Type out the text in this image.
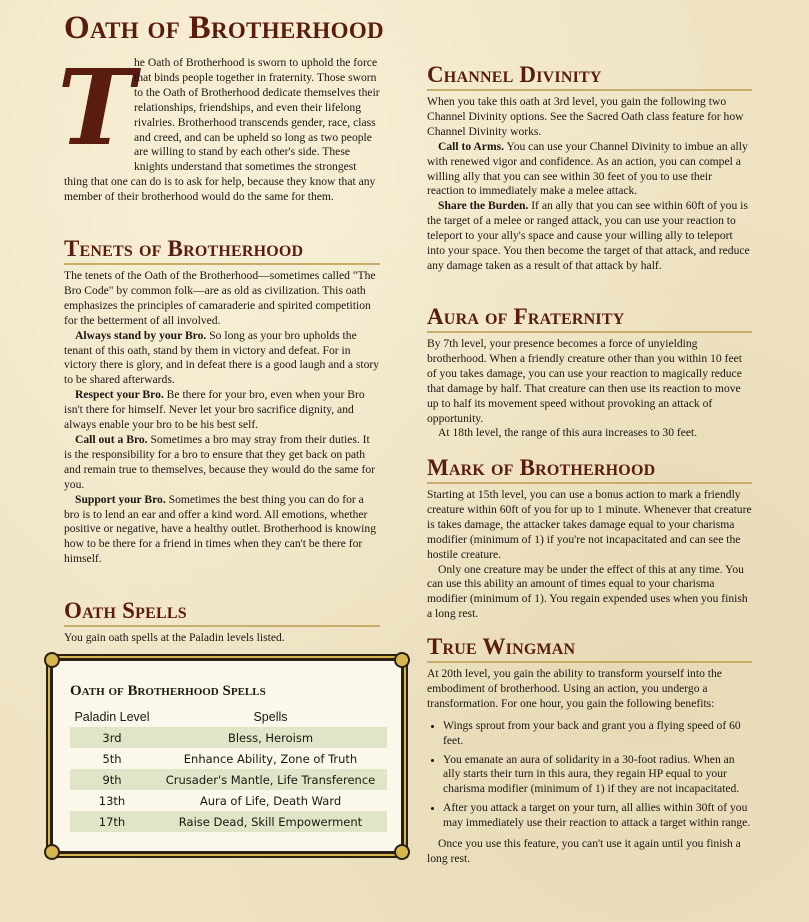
Oath of Brotherhood
T he Oath of Brotherhood is sworn to uphold the force that binds people together in fraternity. Those sworn to the Oath of Brotherhood dedicate themselves their relationships, friendships, and even their lifelong rivalries. Brotherhood transcends gender, race, class and creed, and can be upheld so long as two people are willing to stand by each other's side. These knights understand that sometimes the strongest thing that one can do is to ask for help, because they know that any member of their brotherhood would do the same for them.

Tenets of Brotherhood

The tenets of the Oath of the Brotherhood—sometimes called "The Bro Code" by common folk—are as old as civilization. This oath emphasizes the principles of camaraderie and spirited competition for the betterment of all involved.

Always stand by your Bro. So long as your bro upholds the tenant of this oath, stand by them in victory and defeat. For in victory there is glory, and in defeat there is a good laugh and a story to be shared afterwards.

Respect your Bro. Be there for your bro, even when your Bro isn't there for himself. Never let your bro sacrifice dignity, and always enable your bro to be his best self.

Call out a Bro. Sometimes a bro may stray from their duties. It is the responsibility for a bro to ensure that they get back on path and remain true to themselves, because they would do the same for you.

Support your Bro. Sometimes the best thing you can do for a bro is to lend an ear and offer a kind word. All emotions, whether positive or negative, have a healthy outlet. Brotherhood is knowing how to be there for a friend in times when they can't be there for himself.

Oath Spells

You gain oath spells at the Paladin levels listed.

Oath of Brotherhood Spells
Paladin Level	Spells
3rd	Bless, Heroism
5th	Enhance Ability, Zone of Truth
9th	Crusader's Mantle, Life Transference
13th	Aura of Life, Death Ward
17th	Raise Dead, Skill Empowerment
Channel Divinity

When you take this oath at 3rd level, you gain the following two Channel Divinity options. See the Sacred Oath class feature for how Channel Divinity works.

Call to Arms. You can use your Channel Divinity to imbue an ally with renewed vigor and confidence. As an action, you can compel a willing ally that you can see within 30 feet of you to use their reaction to immediately make a melee attack.

Share the Burden. If an ally that you can see within 60ft of you is the target of a melee or ranged attack, you can use your reaction to teleport to your ally's space and cause your willing ally to teleport into your space. You then become the target of that attack, and reduce any damage taken as a result of that attack by half.

Aura of Fraternity

By 7th level, your presence becomes a force of unyielding brotherhood. When a friendly creature other than you within 10 feet of you takes damage, you can use your reaction to magically reduce that damage by half. That creature can then use its reaction to move up to half its movement speed without provoking an attack of opportunity.

At 18th level, the range of this aura increases to 30 feet.

Mark of Brotherhood

Starting at 15th level, you can use a bonus action to mark a friendly creature within 60ft of you for up to 1 minute. Whenever that creature is takes damage, the attacker takes damage equal to your charisma modifier (minimum of 1) if you're not incapacitated and can see the hostile creature.

Only one creature may be under the effect of this at any time. You can use this ability an amount of times equal to your charisma modifier (minimum of 1). You regain expended uses when you finish a long rest.

True Wingman

At 20th level, you gain the ability to transform yourself into the embodiment of brotherhood. Using an action, you undergo a transformation. For one hour, you gain the following benefits:

• Wings sprout from your back and grant you a flying speed of 60 feet.
• You emanate an aura of solidarity in a 30-foot radius. When an ally starts their turn in this aura, they regain HP equal to your charisma modifier (minimum of 1) if they are not incapacitated.
• After you attack a target on your turn, all allies within 30ft of you may immediately use their reaction to attack a target within range.

Once you use this feature, you can't use it again until you finish a long rest.
